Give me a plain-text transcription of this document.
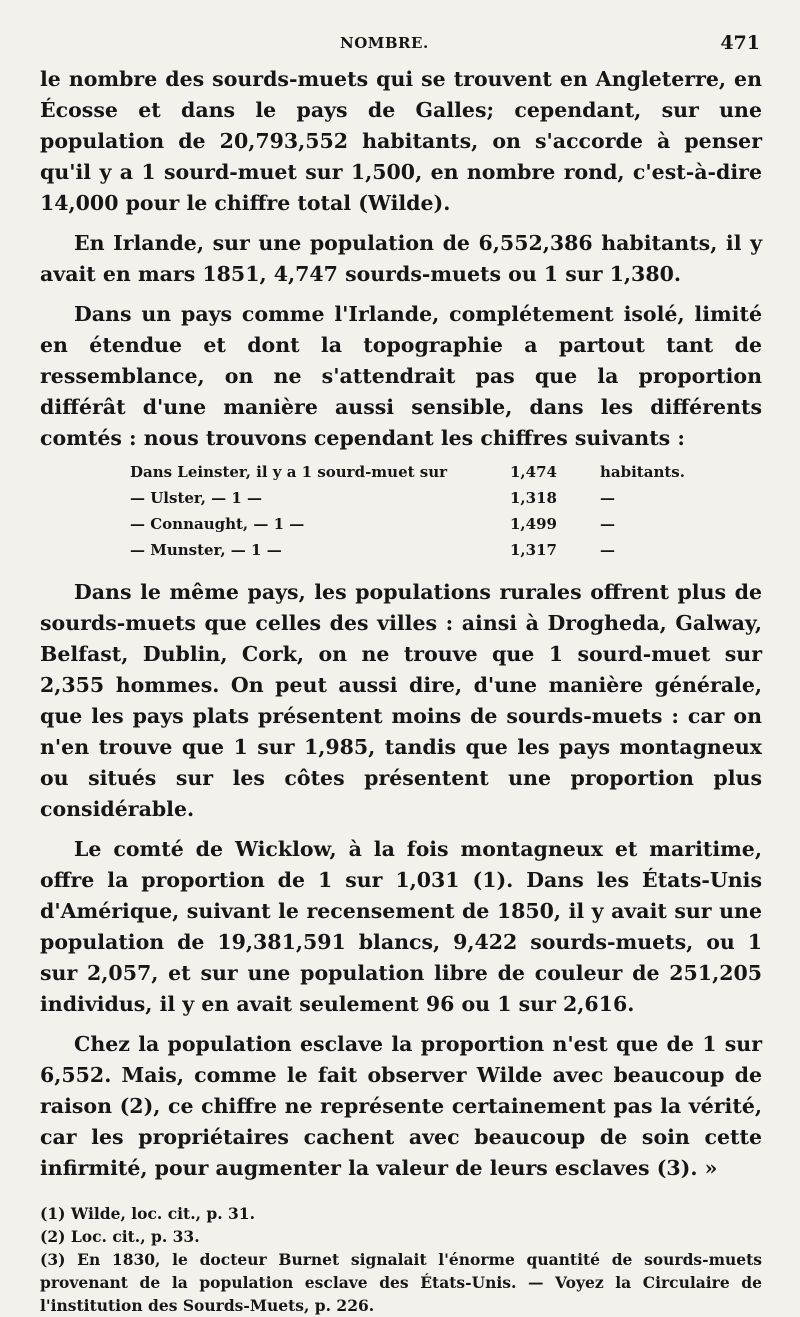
NOMBRE.	471

le nombre des sourds-muets qui se trouvent en Angleterre, en Écosse et dans le pays de Galles; cependant, sur une population de 20,793,552 habitants, on s'accorde à penser qu'il y a 1 sourd-muet sur 1,500, en nombre rond, c'est-à-dire 14,000 pour le chiffre total (Wilde).

En Irlande, sur une population de 6,552,386 habitants, il y avait en mars 1851, 4,747 sourds-muets ou 1 sur 1,380.

Dans un pays comme l'Irlande, complétement isolé, limité en étendue et dont la topographie a partout tant de ressemblance, on ne s'attendrait pas que la proportion différât d'une manière aussi sensible, dans les différents comtés : nous trouvons cependant les chiffres suivants :

Dans Leinster, il y a 1 sourd-muet sur	1,474	habitants.
— Ulster, — 1 —	1,318	—
— Connaught, — 1 —	1,499	—
— Munster, — 1 —	1,317	—

Dans le même pays, les populations rurales offrent plus de sourds-muets que celles des villes : ainsi à Drogheda, Galway, Belfast, Dublin, Cork, on ne trouve que 1 sourd-muet sur 2,355 hommes. On peut aussi dire, d'une manière générale, que les pays plats présentent moins de sourds-muets : car on n'en trouve que 1 sur 1,985, tandis que les pays montagneux ou situés sur les côtes présentent une proportion plus considérable.

Le comté de Wicklow, à la fois montagneux et maritime, offre la proportion de 1 sur 1,031 (1). Dans les États-Unis d'Amérique, suivant le recensement de 1850, il y avait sur une population de 19,381,591 blancs, 9,422 sourds-muets, ou 1 sur 2,057, et sur une population libre de couleur de 251,205 individus, il y en avait seulement 96 ou 1 sur 2,616.

Chez la population esclave la proportion n'est que de 1 sur 6,552. Mais, comme le fait observer Wilde avec beaucoup de raison (2), ce chiffre ne représente certainement pas la vérité, car les propriétaires cachent avec beaucoup de soin cette infirmité, pour augmenter la valeur de leurs esclaves (3). »

(1) Wilde, loc. cit., p. 31.
(2) Loc. cit., p. 33.
(3) En 1830, le docteur Burnet signalait l'énorme quantité de sourds-muets provenant de la population esclave des États-Unis. — Voyez la Circulaire de l'institution des Sourds-Muets, p. 226.
